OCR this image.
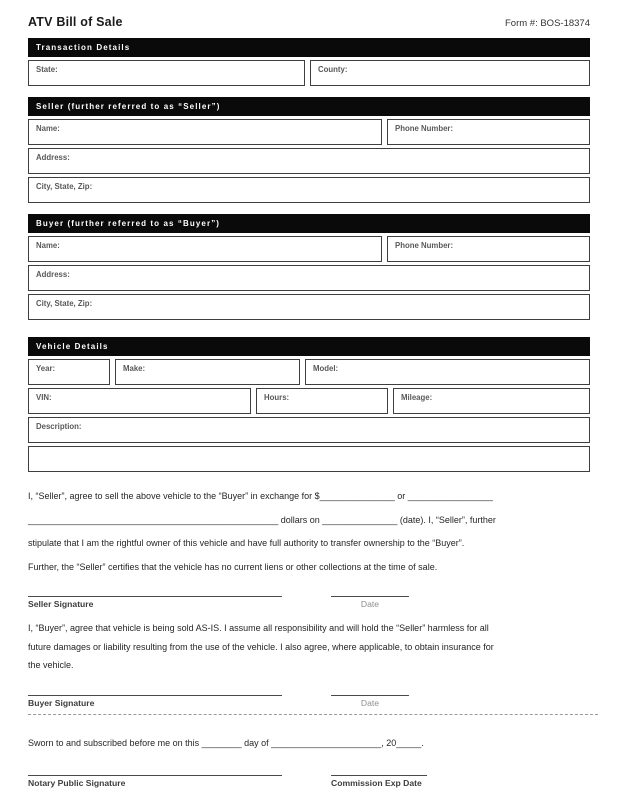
ATV Bill of Sale	Form #: BOS-18374
Transaction Details
State:	County:
Seller (further referred to as “Seller”)
Name:	Phone Number:
Address:
City, State, Zip:
Buyer (further referred to as “Buyer”)
Name:	Phone Number:
Address:
City, State, Zip:
Vehicle Details
Year:	Make:	Model:
VIN:	Hours:	Mileage:
Description:
I, “Seller”, agree to sell the above vehicle to the “Buyer” in exchange for $_______________ or _________________
__________________________________________________ dollars on _______________ (date). I, “Seller”, further
stipulate that I am the rightful owner of this vehicle and have full authority to transfer ownership to the “Buyer”.
Further, the “Seller” certifies that the vehicle has no current liens or other collections at the time of sale.
Seller Signature	Date
I, “Buyer”, agree that vehicle is being sold AS-IS. I assume all responsibility and will hold the “Seller” harmless for all
future damages or liability resulting from the use of the vehicle. I also agree, where applicable, to obtain insurance for
the vehicle.
Buyer Signature	Date
Sworn to and subscribed before me on this ________ day of ______________________, 20_____.
Notary Public Signature	Commission Exp Date
